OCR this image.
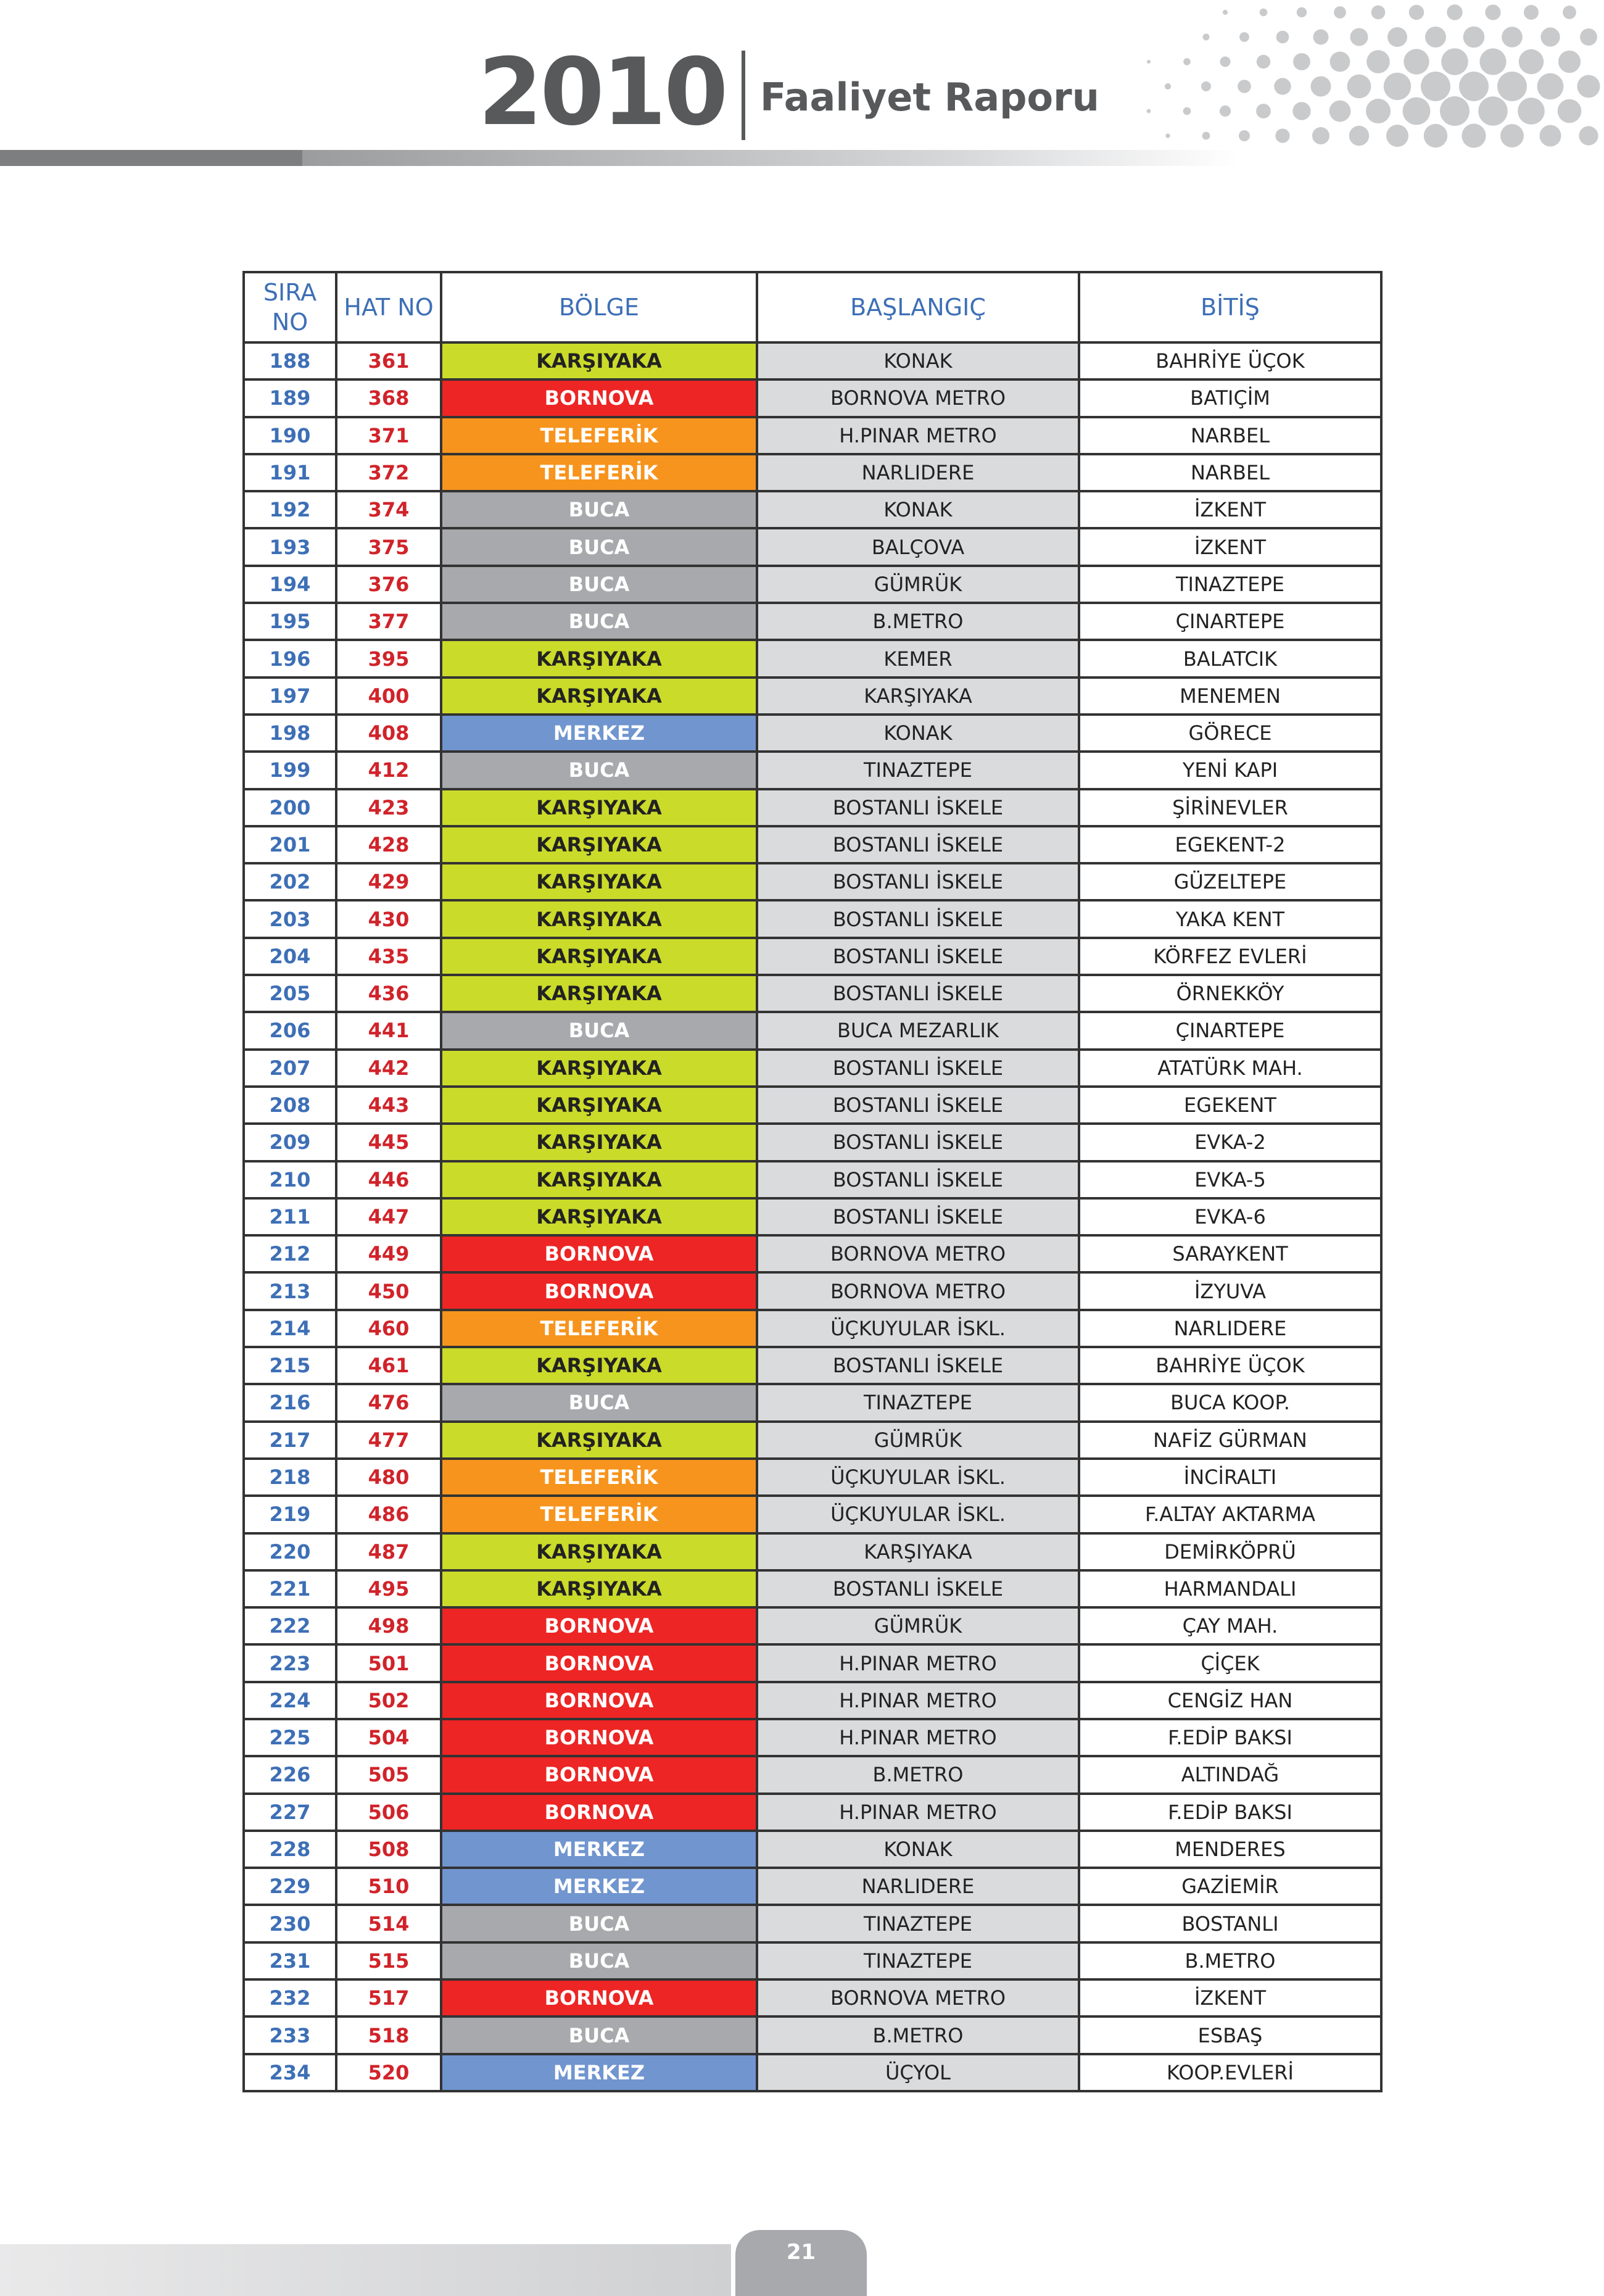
2010 Faaliyet Raporu
SIRA NO	HAT NO	BÖLGE	BAŞLANGIÇ	BİTİŞ
188	361	KARŞIYAKA	KONAK	BAHRİYE ÜÇOK
189	368	BORNOVA	BORNOVA METRO	BATIÇİM
190	371	TELEFERİK	H.PINAR METRO	NARBEL
191	372	TELEFERİK	NARLIDERE	NARBEL
192	374	BUCA	KONAK	İZKENT
193	375	BUCA	BALÇOVA	İZKENT
194	376	BUCA	GÜMRÜK	TINAZTEPE
195	377	BUCA	B.METRO	ÇINARTEPE
196	395	KARŞIYAKA	KEMER	BALATCIK
197	400	KARŞIYAKA	KARŞIYAKA	MENEMEN
198	408	MERKEZ	KONAK	GÖRECE
199	412	BUCA	TINAZTEPE	YENİ KAPI
200	423	KARŞIYAKA	BOSTANLI İSKELE	ŞİRİNEVLER
201	428	KARŞIYAKA	BOSTANLI İSKELE	EGEKENT-2
202	429	KARŞIYAKA	BOSTANLI İSKELE	GÜZELTEPE
203	430	KARŞIYAKA	BOSTANLI İSKELE	YAKA KENT
204	435	KARŞIYAKA	BOSTANLI İSKELE	KÖRFEZ EVLERİ
205	436	KARŞIYAKA	BOSTANLI İSKELE	ÖRNEKKÖY
206	441	BUCA	BUCA MEZARLIK	ÇINARTEPE
207	442	KARŞIYAKA	BOSTANLI İSKELE	ATATÜRK MAH.
208	443	KARŞIYAKA	BOSTANLI İSKELE	EGEKENT
209	445	KARŞIYAKA	BOSTANLI İSKELE	EVKA-2
210	446	KARŞIYAKA	BOSTANLI İSKELE	EVKA-5
211	447	KARŞIYAKA	BOSTANLI İSKELE	EVKA-6
212	449	BORNOVA	BORNOVA METRO	SARAYKENT
213	450	BORNOVA	BORNOVA METRO	İZYUVA
214	460	TELEFERİK	ÜÇKUYULAR İSKL.	NARLIDERE
215	461	KARŞIYAKA	BOSTANLI İSKELE	BAHRİYE ÜÇOK
216	476	BUCA	TINAZTEPE	BUCA KOOP.
217	477	KARŞIYAKA	GÜMRÜK	NAFİZ GÜRMAN
218	480	TELEFERİK	ÜÇKUYULAR İSKL.	İNCİRALTI
219	486	TELEFERİK	ÜÇKUYULAR İSKL.	F.ALTAY AKTARMA
220	487	KARŞIYAKA	KARŞIYAKA	DEMİRKÖPRÜ
221	495	KARŞIYAKA	BOSTANLI İSKELE	HARMANDALI
222	498	BORNOVA	GÜMRÜK	ÇAY MAH.
223	501	BORNOVA	H.PINAR METRO	ÇİÇEK
224	502	BORNOVA	H.PINAR METRO	CENGİZ HAN
225	504	BORNOVA	H.PINAR METRO	F.EDİP BAKSI
226	505	BORNOVA	B.METRO	ALTINDAĞ
227	506	BORNOVA	H.PINAR METRO	F.EDİP BAKSI
228	508	MERKEZ	KONAK	MENDERES
229	510	MERKEZ	NARLIDERE	GAZİEMİR
230	514	BUCA	TINAZTEPE	BOSTANLI
231	515	BUCA	TINAZTEPE	B.METRO
232	517	BORNOVA	BORNOVA METRO	İZKENT
233	518	BUCA	B.METRO	ESBAŞ
234	520	MERKEZ	ÜÇYOL	KOOP.EVLERİ
21
